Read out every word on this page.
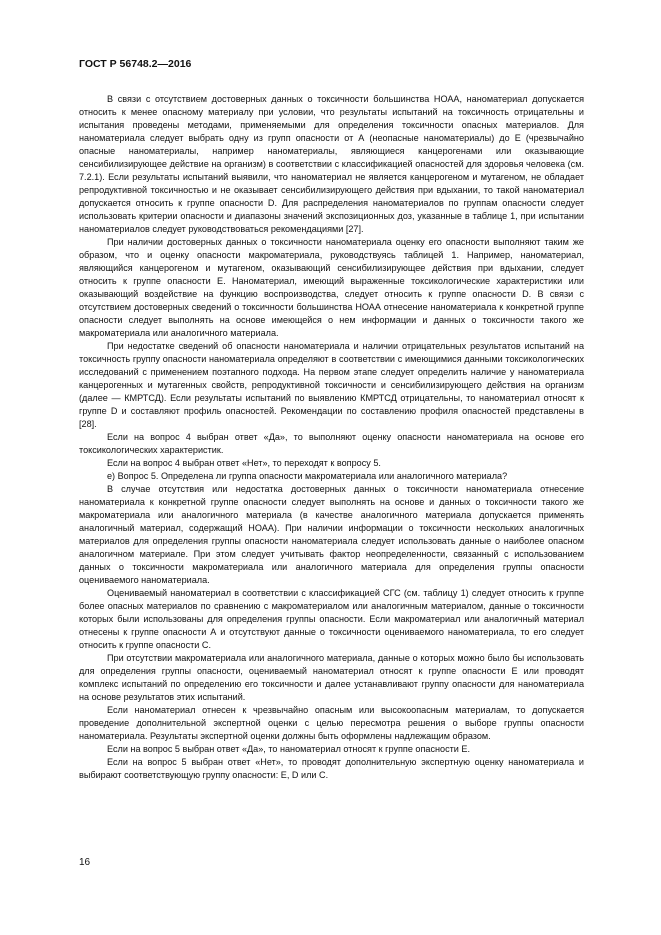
ГОСТ Р 56748.2—2016

В связи с отсутствием достоверных данных о токсичности большинства НОАА, наноматериал допускается относить к менее опасному материалу при условии, что результаты испытаний на токсичность отрицательны и испытания проведены методами, применяемыми для определения токсичности опасных материалов. Для наноматериала следует выбрать одну из групп опасности от А (неопасные наноматериалы) до Е (чрезвычайно опасные наноматериалы, например наноматериалы, являющиеся канцерогенами или оказывающие сенсибилизирующее действие на организм) в соответствии с классификацией опасностей для здоровья человека (см. 7.2.1). Если результаты испытаний выявили, что наноматериал не является канцерогеном и мутагеном, не обладает репродуктивной токсичностью и не оказывает сенсибилизирующего действия при вдыхании, то такой наноматериал допускается относить к группе опасности D. Для распределения наноматериалов по группам опасности следует использовать критерии опасности и диапазоны значений экспозиционных доз, указанные в таблице 1, при испытании наноматериалов следует руководствоваться рекомендациями [27].

При наличии достоверных данных о токсичности наноматериала оценку его опасности выполняют таким же образом, что и оценку опасности макроматериала, руководствуясь таблицей 1. Например, наноматериал, являющийся канцерогеном и мутагеном, оказывающий сенсибилизирующее действия при вдыхании, следует относить к группе опасности Е. Наноматериал, имеющий выраженные токсикологические характеристики или оказывающий воздействие на функцию воспроизводства, следует относить к группе опасности D. В связи с отсутствием достоверных сведений о токсичности большинства НОАА отнесение наноматериала к конкретной группе опасности следует выполнять на основе имеющейся о нем информации и данных о токсичности такого же макроматериала или аналогичного материала.

При недостатке сведений об опасности наноматериала и наличии отрицательных результатов испытаний на токсичность группу опасности наноматериала определяют в соответствии с имеющимися данными токсикологических исследований с применением поэтапного подхода. На первом этапе следует определить наличие у наноматериала канцерогенных и мутагенных свойств, репродуктивной токсичности и сенсибилизирующего действия на организм (далее — КМРТСД). Если результаты испытаний по выявлению КМРТСД отрицательны, то наноматериал относят к группе D и составляют профиль опасностей. Рекомендации по составлению профиля опасностей представлены в [28].

Если на вопрос 4 выбран ответ «Да», то выполняют оценку опасности наноматериала на основе его токсикологических характеристик.

Если на вопрос 4 выбран ответ «Нет», то переходят к вопросу 5.

е) Вопрос 5. Определена ли группа опасности макроматериала или аналогичного материала?

В случае отсутствия или недостатка достоверных данных о токсичности наноматериала отнесение наноматериала к конкретной группе опасности следует выполнять на основе и данных о токсичности такого же макроматериала или аналогичного материала (в качестве аналогичного материала допускается применять аналогичный материал, содержащий НОАА). При наличии информации о токсичности нескольких аналогичных материалов для определения группы опасности наноматериала следует использовать данные о наиболее опасном аналогичном материале. При этом следует учитывать фактор неопределенности, связанный с использованием данных о токсичности макроматериала или аналогичного материала для определения группы опасности оцениваемого наноматериала.

Оцениваемый наноматериал в соответствии с классификацией СГС (см. таблицу 1) следует относить к группе более опасных материалов по сравнению с макроматериалом или аналогичным материалом, данные о токсичности которых были использованы для определения группы опасности. Если макроматериал или аналогичный материал отнесены к группе опасности А и отсутствуют данные о токсичности оцениваемого наноматериала, то его следует относить к группе опасности С.

При отсутствии макроматериала или аналогичного материала, данные о которых можно было бы использовать для определения группы опасности, оцениваемый наноматериал относят к группе опасности Е или проводят комплекс испытаний по определению его токсичности и далее устанавливают группу опасности для наноматериала на основе результатов этих испытаний.

Если наноматериал отнесен к чрезвычайно опасным или высокоопасным материалам, то допускается проведение дополнительной экспертной оценки с целью пересмотра решения о выборе группы опасности наноматериала. Результаты экспертной оценки должны быть оформлены надлежащим образом.

Если на вопрос 5 выбран ответ «Да», то наноматериал относят к группе опасности Е.

Если на вопрос 5 выбран ответ «Нет», то проводят дополнительную экспертную оценку наноматериала и выбирают соответствующую группу опасности: Е, D или С.

16
